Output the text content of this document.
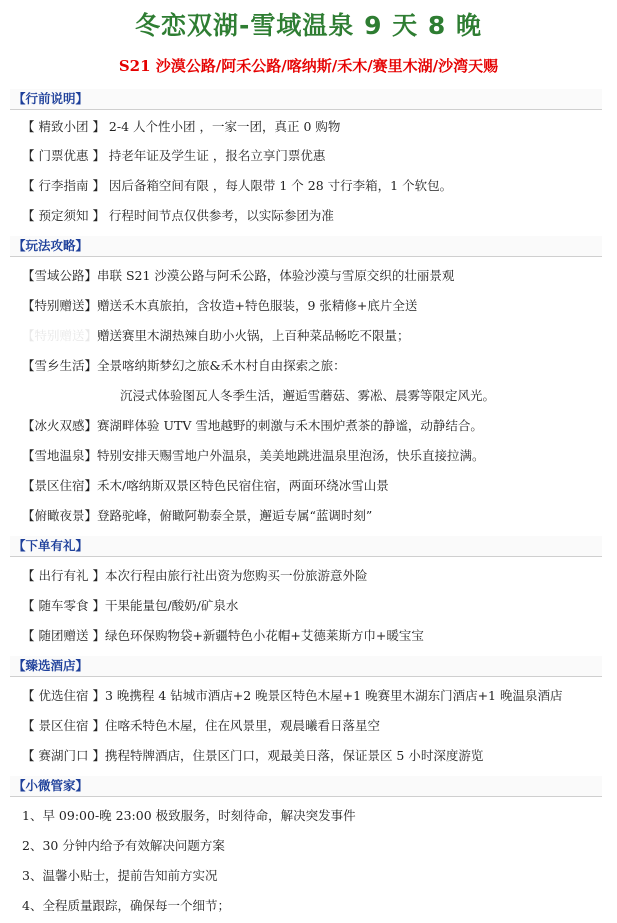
冬恋双湖-雪域温泉 9 天 8 晚
S21 沙漠公路/阿禾公路/喀纳斯/禾木/赛里木湖/沙湾天赐
【行前说明】
【 精致小团 】 2-4 人个性小团 ，一家一团，真正 0 购物
【 门票优惠 】 持老年证及学生证 ，报名立享门票优惠
【 行李指南 】 因后备箱空间有限 ，每人限带 1 个 28 寸行李箱，1 个软包。
【 预定须知 】 行程时间节点仅供参考，以实际参团为准
【玩法攻略】
【雪域公路】串联 S21 沙漠公路与阿禾公路，体验沙漠与雪原交织的壮丽景观
【特别赠送】赠送禾木真旅拍，含妆造+特色服装，9 张精修+底片全送
【特别赠送】赠送赛里木湖热辣自助小火锅，上百种菜品畅吃不限量；
【雪乡生活】全景喀纳斯梦幻之旅&禾木村自由探索之旅：
沉浸式体验图瓦人冬季生活，邂逅雪蘑菇、雾凇、晨雾等限定风光。
【冰火双感】赛湖畔体验 UTV 雪地越野的刺激与禾木围炉煮茶的静谧，动静结合。
【雪地温泉】特别安排天赐雪地户外温泉，美美地跳进温泉里泡汤，快乐直接拉满。
【景区住宿】禾木/喀纳斯双景区特色民宿住宿，两面环绕冰雪山景
【俯瞰夜景】登路驼峰，俯瞰阿勒泰全景，邂逅专属“蓝调时刻”
【下单有礼】
【 出行有礼 】本次行程由旅行社出资为您购买一份旅游意外险
【 随车零食 】干果能量包/酸奶/矿泉水
【 随团赠送 】绿色环保购物袋+新疆特色小花帽+艾德莱斯方巾+暖宝宝
【臻选酒店】
【 优选住宿 】3 晚携程 4 钻城市酒店+2 晚景区特色木屋+1 晚赛里木湖东门酒店+1 晚温泉酒店
【 景区住宿 】住喀禾特色木屋，住在风景里，观晨曦看日落星空
【 赛湖门口 】携程特牌酒店，住景区门口，观最美日落，保证景区 5 小时深度游览
【小微管家】
1、早 09:00-晚 23:00 极致服务，时刻待命，解决突发事件
2、30 分钟内给予有效解决问题方案
3、温馨小贴士，提前告知前方实况
4、全程质量跟踪，确保每一个细节；
